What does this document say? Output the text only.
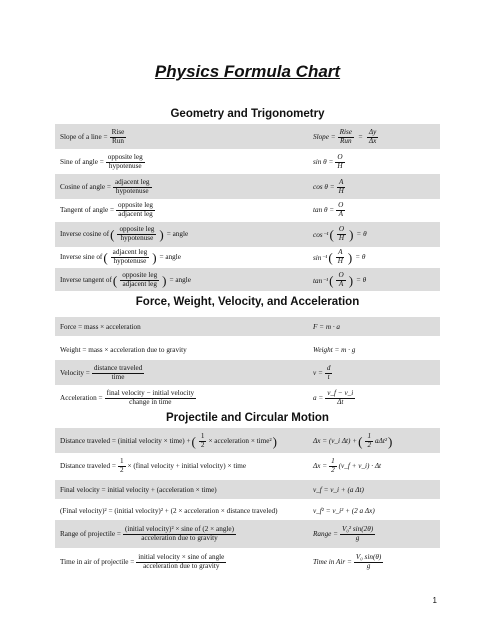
Physics Formula Chart
Geometry and Trigonometry
Slope of a line = $\frac{\text{Rise}}{\text{Run}}$	Slope = $\frac{\text{Rise}}{\text{Run}} = \frac{\Delta y}{\Delta x}$
Sine of angle = $\frac{\text{opposite leg}}{\text{hypotenuse}}$	$\sin \theta = \frac{O}{H}$
Cosine of angle = $\frac{\text{adjacent leg}}{\text{hypotenuse}}$	$\cos \theta = \frac{A}{H}$
Tangent of angle = $\frac{\text{opposite leg}}{\text{adjacent leg}}$	$\tan \theta = \frac{O}{A}$
Inverse cosine of ( $\frac{\text{opposite leg}}{\text{hypotenuse}}$ ) = angle	cos⁻¹ ( $\frac{O}{H}$ ) = θ
Inverse sine of ( $\frac{\text{adjacent leg}}{\text{hypotenuse}}$ ) = angle	sin⁻¹ ( $\frac{A}{H}$ ) = θ
Inverse tangent of ( $\frac{\text{opposite leg}}{\text{adjacent leg}}$ ) = angle	tan⁻¹ ( $\frac{O}{A}$ ) = θ
Force, Weight, Velocity, and Acceleration
Force = mass × acceleration	F = m · a
Weight = mass × acceleration due to gravity	Weight = m · g
Velocity = $\frac{\text{distance traveled}}{\text{time}}$	$v = \frac{d}{t}$
Acceleration = $\frac{\text{final velocity − initial velocity}}{\text{change in time}}$	$a = \frac{v\_f - v\_i}{\Delta t}$
Projectile and Circular Motion
Distance traveled = (initial velocity × time) + ( $\frac{1}{2}$ × acceleration × time² )	Δx = (v_i Δt) + ( $\frac{1}{2} a\Delta t^2$ )
Distance traveled = $\frac{1}{2}$ × (final velocity + initial velocity) × time	$\Delta x = \frac{1}{2}$ (v_f + v_i) · Δt
Final velocity = initial velocity + (acceleration × time)	v_f = v_i + (a Δt)
(Final velocity)² = (initial velocity)² + (2 × acceleration × distance traveled)	v_f² = v_i² + (2 a Δx)
Range of projectile = $\frac{\text{(initial velocity)² × sine of (2 × angle)}}{\text{acceleration due to gravity}}$	Range = $\frac{\text{V₀² sin(2θ)}}{g}$
Time in air of projectile = $\frac{\text{initial velocity × sine of angle}}{\text{acceleration due to gravity}}$	Time in Air = $\frac{\text{V₀ sin(θ)}}{g}$
1
